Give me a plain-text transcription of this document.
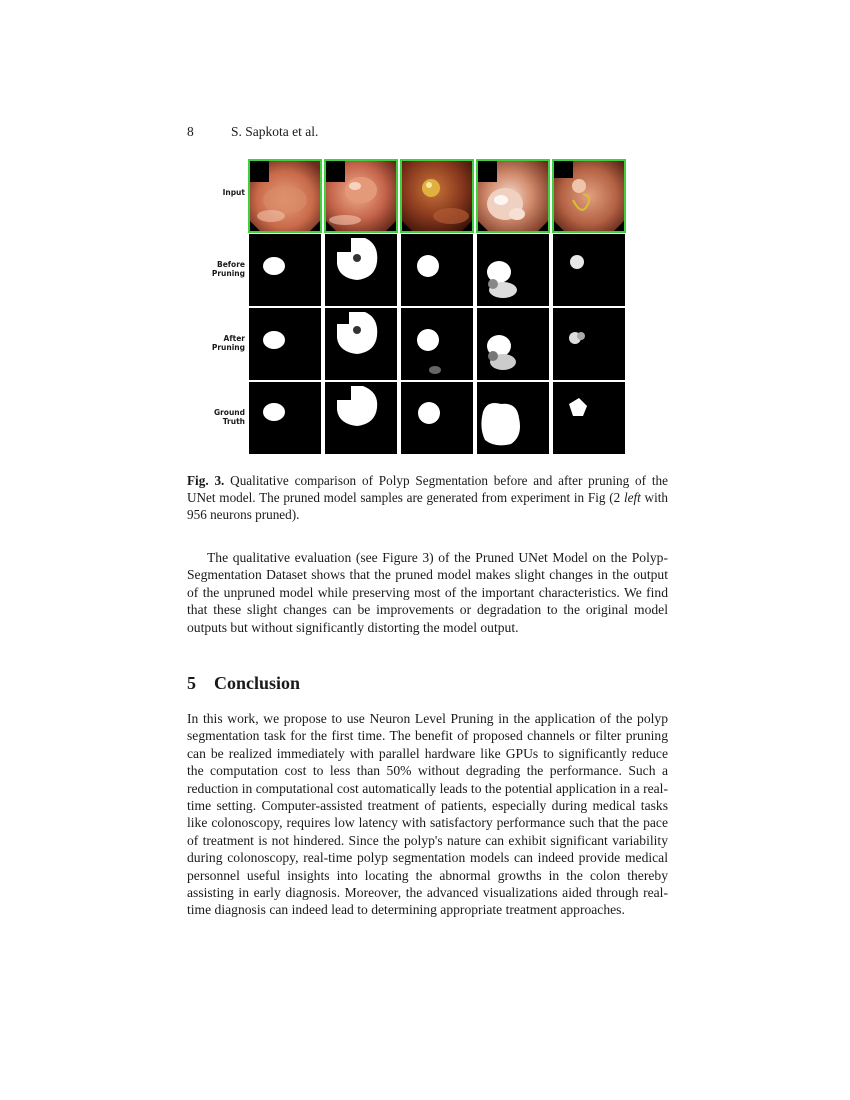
8	S. Sapkota et al.
Input
Before
Pruning
After
Pruning
Ground
Truth
Fig. 3. Qualitative comparison of Polyp Segmentation before and after pruning of the UNet model. The pruned model samples are generated from experiment in Fig (2 left with 956 neurons pruned).

The qualitative evaluation (see Figure 3) of the Pruned UNet Model on the Polyp-Segmentation Dataset shows that the pruned model makes slight changes in the output of the unpruned model while preserving most of the important characteristics. We find that these slight changes can be improvements or degradation to the original model outputs but without significantly distorting the model output.

5 Conclusion

In this work, we propose to use Neuron Level Pruning in the application of the polyp segmentation task for the first time. The benefit of proposed channels or filter pruning can be realized immediately with parallel hardware like GPUs to significantly reduce the computation cost to less than 50% without degrading the performance. Such a reduction in computational cost automatically leads to the potential application in a real-time setting. Computer-assisted treatment of patients, especially during medical tasks like colonoscopy, requires low latency with satisfactory performance such that the pace of treatment is not hindered. Since the polyp's nature can exhibit significant variability during colonoscopy, real-time polyp segmentation models can indeed provide medical personnel useful insights into locating the abnormal growths in the colon thereby assisting in early diagnosis. Moreover, the advanced visualizations aided through real-time diagnosis can indeed lead to determining appropriate treatment approaches.
